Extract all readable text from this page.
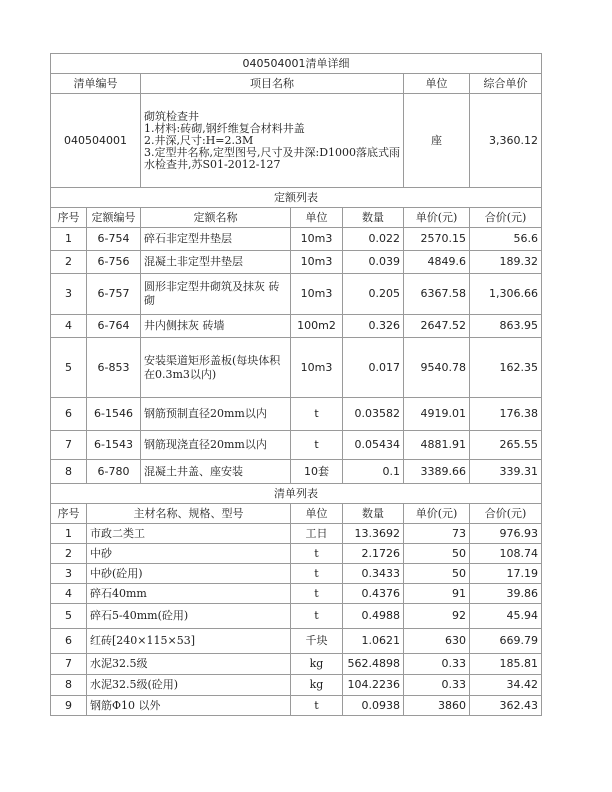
040504001清单详细						
清单编号		项目名称			单位	综合单价
040504001		砌筑检查井
1.材料:砖砌,钢纤维复合材料井盖
2.井深,尺寸:H=2.3M
3.定型井名称,定型图号,尺寸及井深:D1000落底式雨水检查井,苏S01-2012-127			座	3,360.12
定额列表						
序号	定额编号	定额名称	单位	数量	单价(元)	合价(元)
1	6-754	碎石非定型井垫层	10m3	0.022	2570.15	56.6
2	6-756	混凝土非定型井垫层	10m3	0.039	4849.6	189.32
3	6-757	圆形非定型井砌筑及抹灰 砖砌	10m3	0.205	6367.58	1,306.66
4	6-764	井内侧抹灰 砖墙	100m2	0.326	2647.52	863.95
5	6-853	安装渠道矩形盖板(每块体积在0.3m3以内)	10m3	0.017	9540.78	162.35
6	6-1546	钢筋预制直径20mm以内	t	0.03582	4919.01	176.38
7	6-1543	钢筋现浇直径20mm以内	t	0.05434	4881.91	265.55
8	6-780	混凝土井盖、座安装	10套	0.1	3389.66	339.31
清单列表						
序号	主材名称、规格、型号		单位	数量	单价(元)	合价(元)
1	市政二类工		工日	13.3692	73	976.93
2	中砂		t	2.1726	50	108.74
3	中砂(砼用)		t	0.3433	50	17.19
4	碎石40mm		t	0.4376	91	39.86
5	碎石5-40mm(砼用)		t	0.4988	92	45.94
6	红砖[240×115×53]		千块	1.0621	630	669.79
7	水泥32.5级		kg	562.4898	0.33	185.81
8	水泥32.5级(砼用)		kg	104.2236	0.33	34.42
9	钢筋Φ10 以外		t	0.0938	3860	362.43
